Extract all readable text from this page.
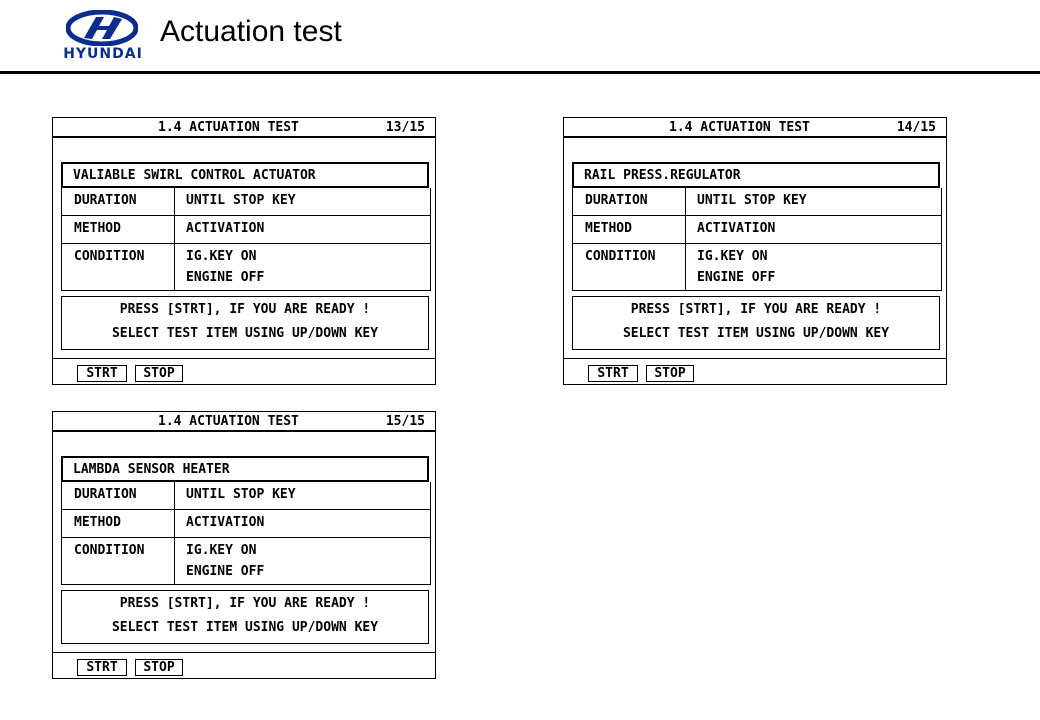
HYUNDAI
Actuation test
1.4 ACTUATION TEST	13/15
VALIABLE SWIRL CONTROL ACTUATOR
DURATION	UNTIL STOP KEY
METHOD	ACTIVATION
CONDITION	IG.KEY ON
ENGINE OFF
PRESS [STRT], IF YOU ARE READY !
SELECT TEST ITEM USING UP/DOWN KEY
STRT	STOP
1.4 ACTUATION TEST	14/15
RAIL PRESS.REGULATOR
DURATION	UNTIL STOP KEY
METHOD	ACTIVATION
CONDITION	IG.KEY ON
ENGINE OFF
PRESS [STRT], IF YOU ARE READY !
SELECT TEST ITEM USING UP/DOWN KEY
STRT	STOP
1.4 ACTUATION TEST	15/15
LAMBDA SENSOR HEATER
DURATION	UNTIL STOP KEY
METHOD	ACTIVATION
CONDITION	IG.KEY ON
ENGINE OFF
PRESS [STRT], IF YOU ARE READY !
SELECT TEST ITEM USING UP/DOWN KEY
STRT	STOP
